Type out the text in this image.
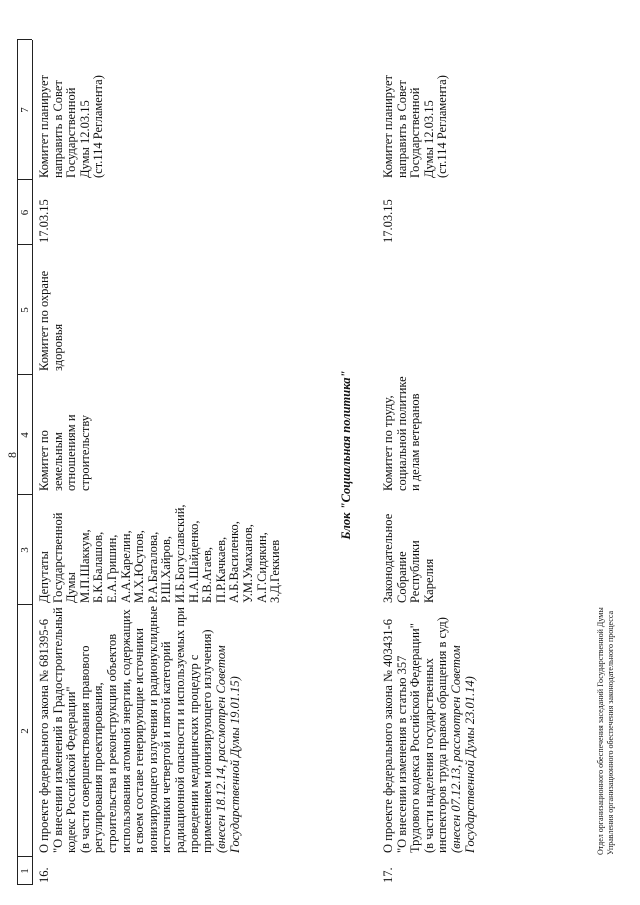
8
1
2
3
4
5
6
7
16.
О проекте федерального закона № 681395-6
"О внесении изменений в Градостроительный
кодекс Российской Федерации"
(в части совершенствования правового
регулирования проектирования,
строительства и реконструкции объектов
использования атомной энергии, содержащих
в своем составе генерирующие источники
ионизирующего излучения и радионуклидные
источники четвертой и пятой категорий
радиационной опасности и используемых при
проведении медицинских процедур с
применением ионизирующего излучения)
(внесен 18.12.14, рассмотрен Советом
Государственной Думы 19.01.15)
Депутаты
Государственной
Думы
М.П.Шаккум,
Б.К.Балашов,
Е.А.Гришин,
А.А.Карелин,
М.Х.Юсупов,
Р.А.Баталова,
Р.Ш.Хайров,
И.Б.Богуславский,
Н.А.Шайденко,
Б.В.Агаев,
П.Р.Качкаев,
А.Б.Василенко,
У.М.Умаханов,
А.Г.Сидякин,
З.Д.Геккиев
Комитет по
земельным
отношениям и
строительству
Комитет по охране
здоровья
17.03.15
Комитет планирует
направить в Совет
Государственной
Думы 12.03.15
(ст.114 Регламента)
Блок "Социальная политика"
17.
О проекте федерального закона № 403431-6
"О внесении изменения в статью 357
Трудового кодекса Российской Федерации"
(в части наделения государственных
инспекторов труда правом обращения в суд)
(внесен 07.12.13, рассмотрен Советом
Государственной Думы 23.01.14)
Законодательное
Собрание
Республики Карелия
Комитет по труду,
социальной политике
и делам ветеранов
17.03.15
Комитет планирует
направить в Совет
Государственной
Думы 12.03.15
(ст.114 Регламента)
Отдел организационного обеспечения заседаний Государственной Думы Управления организационного обеспечения законодательного процесса
